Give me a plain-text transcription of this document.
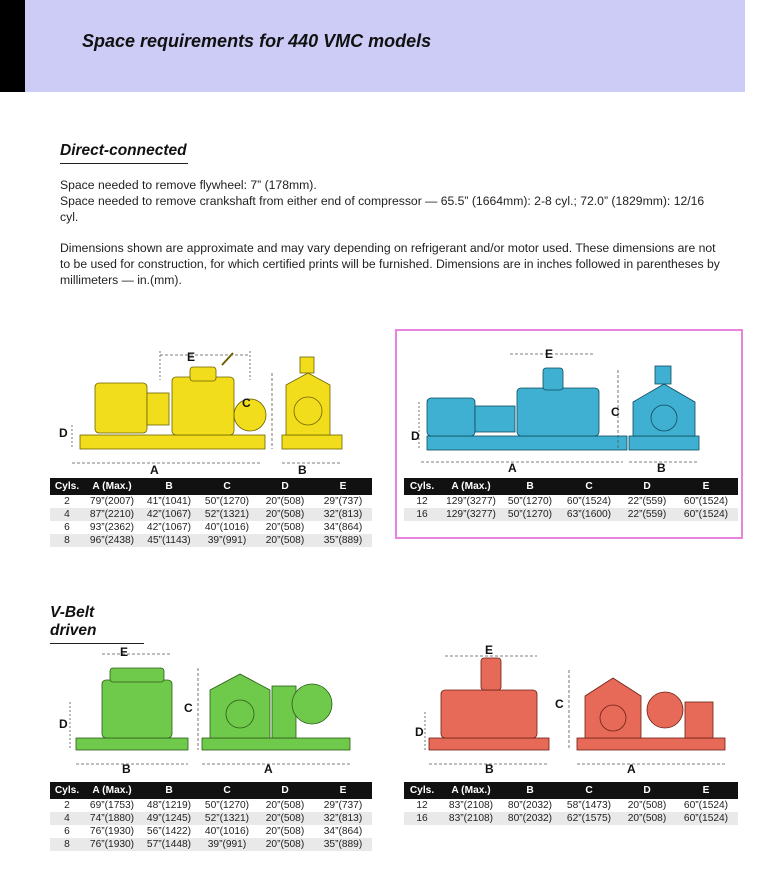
Space requirements for 440 VMC models
Direct-connected
Space needed to remove flywheel: 7” (178mm).
Space needed to remove crankshaft from either end of compressor — 65.5” (1664mm): 2-8 cyl.; 72.0” (1829mm): 12/16 cyl.
Dimensions shown are approximate and may vary depending on refrigerant and/or motor used. These dimensions are not to be used for construction, for which certified prints will be furnished. Dimensions are in inches followed in parentheses by millimeters — in.(mm).
E
D
A
C
B
E
D
A
C
B
Cyls.	A (Max.)	B	C	D	E
2	79”(2007)	41”(1041)	50”(1270)	20”(508)	29”(737)
4	87”(2210)	42”(1067)	52”(1321)	20”(508)	32”(813)
6	93”(2362)	42”(1067)	40”(1016)	20”(508)	34”(864)
8	96”(2438)	45”(1143)	39”(991)	20”(508)	35”(889)
Cyls.	A (Max.)	B	C	D	E
12	129”(3277)	50”(1270)	60”(1524)	22”(559)	60”(1524)
16	129”(3277)	50”(1270)	63”(1600)	22”(559)	60”(1524)
V-Belt driven
E
D
B
C
A
E
D
B
C
A
Cyls.	A (Max.)	B	C	D	E
2	69”(1753)	48”(1219)	50”(1270)	20”(508)	29”(737)
4	74”(1880)	49”(1245)	52”(1321)	20”(508)	32”(813)
6	76”(1930)	56”(1422)	40”(1016)	20”(508)	34”(864)
8	76”(1930)	57”(1448)	39”(991)	20”(508)	35”(889)
Cyls.	A (Max.)	B	C	D	E
12	83”(2108)	80”(2032)	58”(1473)	20”(508)	60”(1524)
16	83”(2108)	80”(2032)	62”(1575)	20”(508)	60”(1524)
